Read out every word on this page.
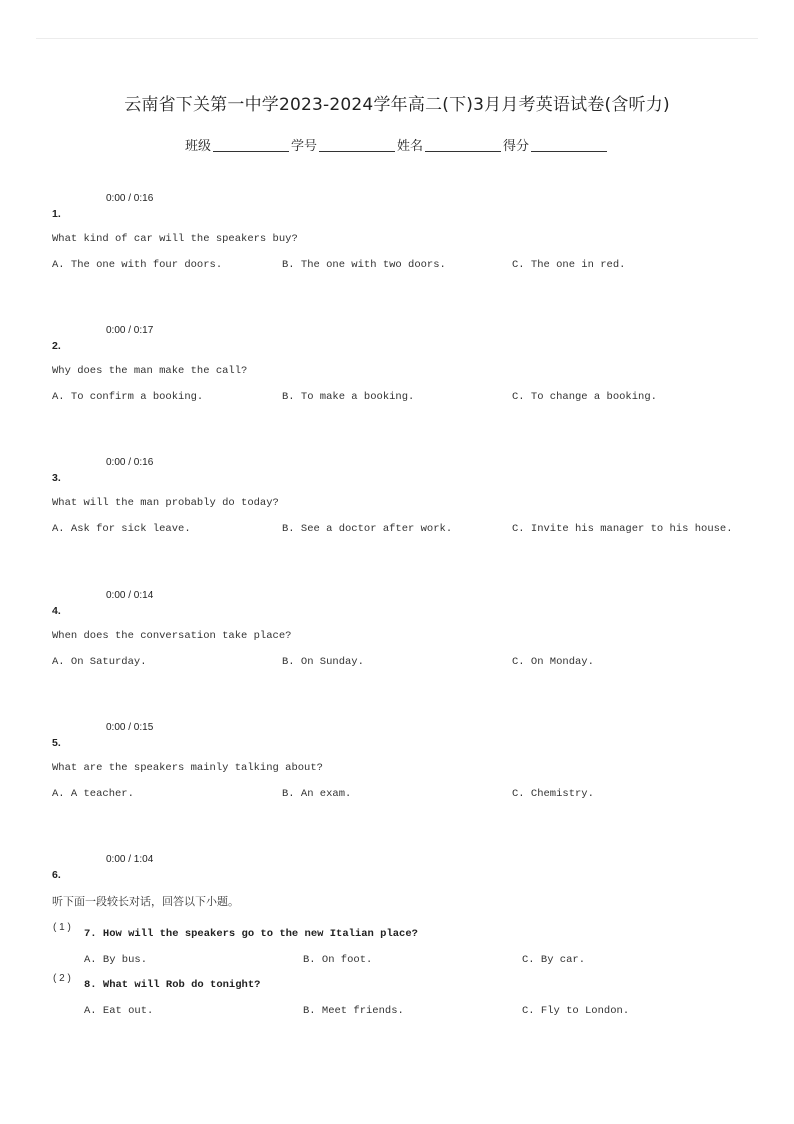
云南省下关第一中学2023-2024学年高二(下)3月月考英语试卷(含听力)
班级	学号	姓名	得分
0:00 / 0:16
1.
What kind of car will the speakers buy?
A. The one with four doors.	B. The one with two doors.	C. The one in red.
0:00 / 0:17
2.
Why does the man make the call?
A. To confirm a booking.	B. To make a booking.	C. To change a booking.
0:00 / 0:16
3.
What will the man probably do today?
A. Ask for sick leave.	B. See a doctor after work.	C. Invite his manager to his house.
0:00 / 0:14
4.
When does the conversation take place?
A. On Saturday.	B. On Sunday.	C. On Monday.
0:00 / 0:15
5.
What are the speakers mainly talking about?
A. A teacher.	B. An exam.	C. Chemistry.
0:00 / 1:04
6.
听下面一段较长对话，回答以下小题。
( 1 )
7. How will the speakers go to the new Italian place?
A. By bus.	B. On foot.	C. By car.
( 2 )
8. What will Rob do tonight?
A. Eat out.	B. Meet friends.	C. Fly to London.
